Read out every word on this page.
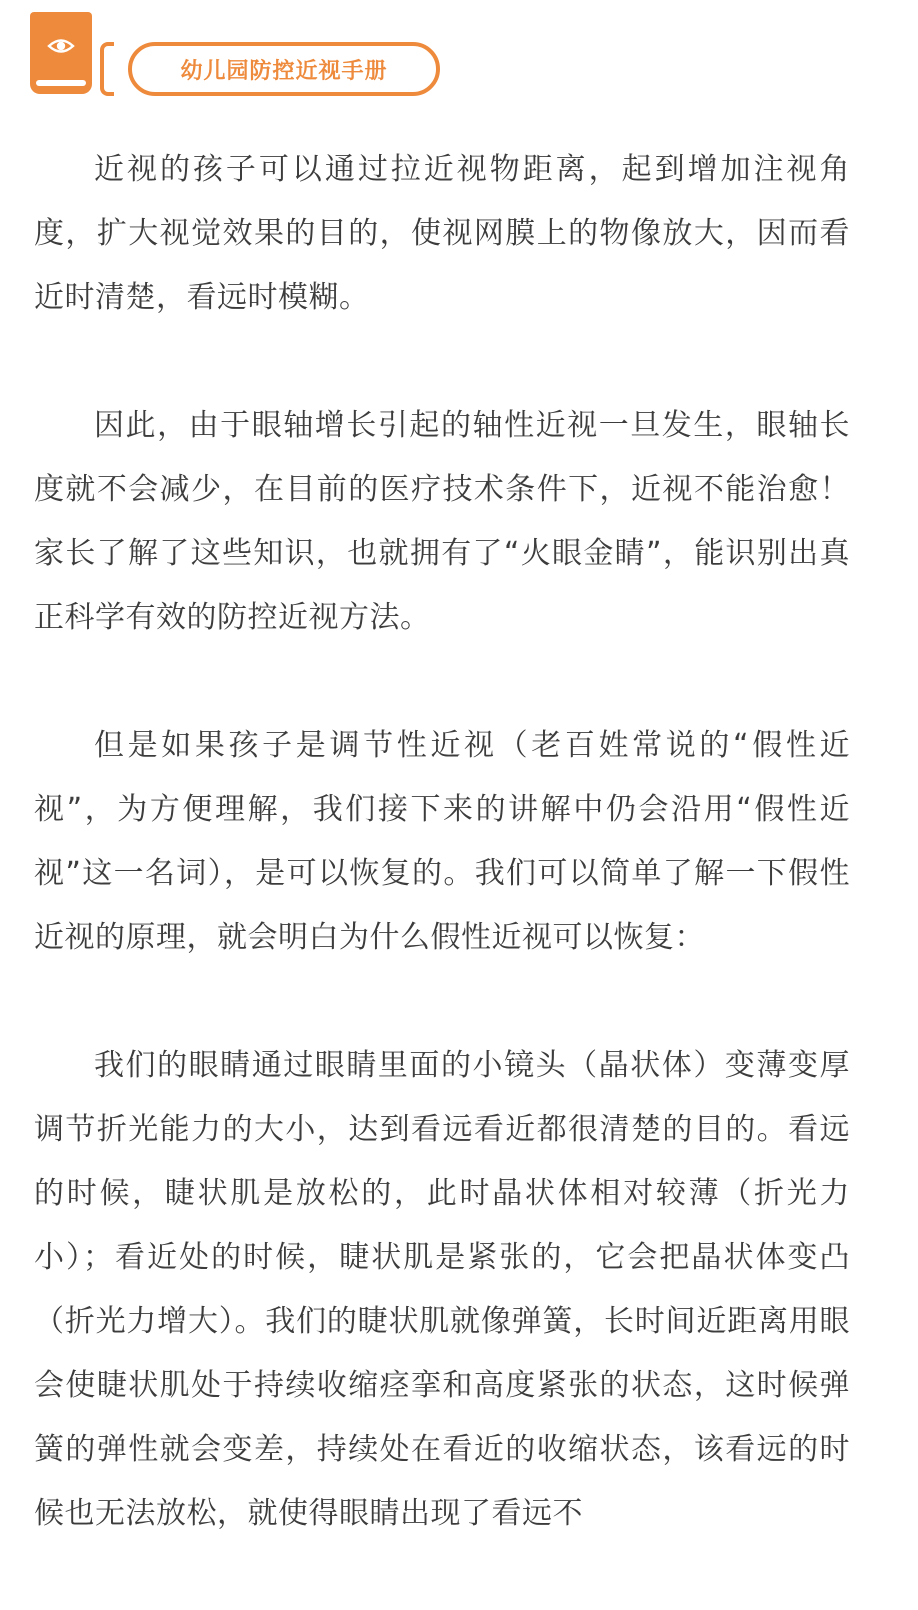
幼儿园防控近视手册

近视的孩子可以通过拉近视物距离，起到增加注视角度，扩大视觉效果的目的，使视网膜上的物像放大，因而看近时清楚，看远时模糊。

因此，由于眼轴增长引起的轴性近视一旦发生，眼轴长度就不会减少，在目前的医疗技术条件下，近视不能治愈！家长了解了这些知识，也就拥有了“火眼金睛”，能识别出真正科学有效的防控近视方法。

但是如果孩子是调节性近视（老百姓常说的“假性近视”，为方便理解，我们接下来的讲解中仍会沿用“假性近视”这一名词），是可以恢复的。我们可以简单了解一下假性近视的原理，就会明白为什么假性近视可以恢复：

我们的眼睛通过眼睛里面的小镜头（晶状体）变薄变厚调节折光能力的大小，达到看远看近都很清楚的目的。看远的时候，睫状肌是放松的，此时晶状体相对较薄（折光力小）；看近处的时候，睫状肌是紧张的，它会把晶状体变凸（折光力增大）。我们的睫状肌就像弹簧，长时间近距离用眼会使睫状肌处于持续收缩痉挛和高度紧张的状态，这时候弹簧的弹性就会变差，持续处在看近的收缩状态，该看远的时候也无法放松，就使得眼睛出现了看远不
